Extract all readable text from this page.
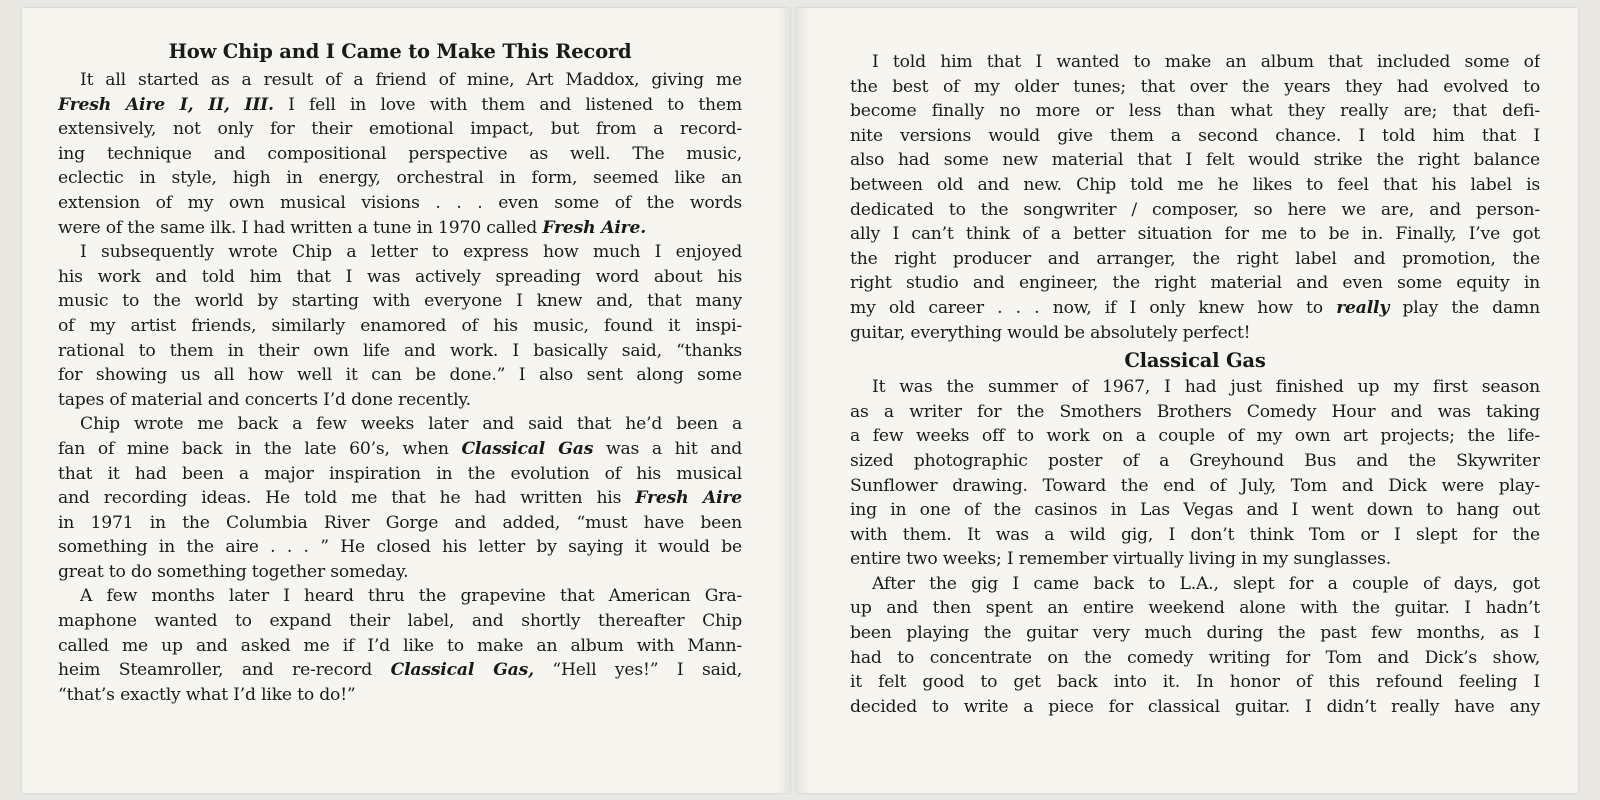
How Chip and I Came to Make This Record
It all started as a result of a friend of mine, Art Maddox, giving me
Fresh Aire I, II, III. I fell in love with them and listened to them
extensively, not only for their emotional impact, but from a record-
ing technique and compositional perspective as well. The music,
eclectic in style, high in energy, orchestral in form, seemed like an
extension of my own musical visions . . . even some of the words
were of the same ilk. I had written a tune in 1970 called Fresh Aire.
I subsequently wrote Chip a letter to express how much I enjoyed
his work and told him that I was actively spreading word about his
music to the world by starting with everyone I knew and, that many
of my artist friends, similarly enamored of his music, found it inspi-
rational to them in their own life and work. I basically said, “thanks
for showing us all how well it can be done.” I also sent along some
tapes of material and concerts I’d done recently.
Chip wrote me back a few weeks later and said that he’d been a
fan of mine back in the late 60’s, when Classical Gas was a hit and
that it had been a major inspiration in the evolution of his musical
and recording ideas. He told me that he had written his Fresh Aire
in 1971 in the Columbia River Gorge and added, “must have been
something in the aire . . . ” He closed his letter by saying it would be
great to do something together someday.
A few months later I heard thru the grapevine that American Gra-
maphone wanted to expand their label, and shortly thereafter Chip
called me up and asked me if I’d like to make an album with Mann-
heim Steamroller, and re-record Classical Gas, “Hell yes!” I said,
“that’s exactly what I’d like to do!”
I told him that I wanted to make an album that included some of
the best of my older tunes; that over the years they had evolved to
become finally no more or less than what they really are; that defi-
nite versions would give them a second chance. I told him that I
also had some new material that I felt would strike the right balance
between old and new. Chip told me he likes to feel that his label is
dedicated to the songwriter / composer, so here we are, and person-
ally I can’t think of a better situation for me to be in. Finally, I’ve got
the right producer and arranger, the right label and promotion, the
right studio and engineer, the right material and even some equity in
my old career . . . now, if I only knew how to really play the damn
guitar, everything would be absolutely perfect!
Classical Gas
It was the summer of 1967, I had just finished up my first season
as a writer for the Smothers Brothers Comedy Hour and was taking
a few weeks off to work on a couple of my own art projects; the life-
sized photographic poster of a Greyhound Bus and the Skywriter
Sunflower drawing. Toward the end of July, Tom and Dick were play-
ing in one of the casinos in Las Vegas and I went down to hang out
with them. It was a wild gig, I don’t think Tom or I slept for the
entire two weeks; I remember virtually living in my sunglasses.
After the gig I came back to L.A., slept for a couple of days, got
up and then spent an entire weekend alone with the guitar. I hadn’t
been playing the guitar very much during the past few months, as I
had to concentrate on the comedy writing for Tom and Dick’s show,
it felt good to get back into it. In honor of this refound feeling I
decided to write a piece for classical guitar. I didn’t really have any
